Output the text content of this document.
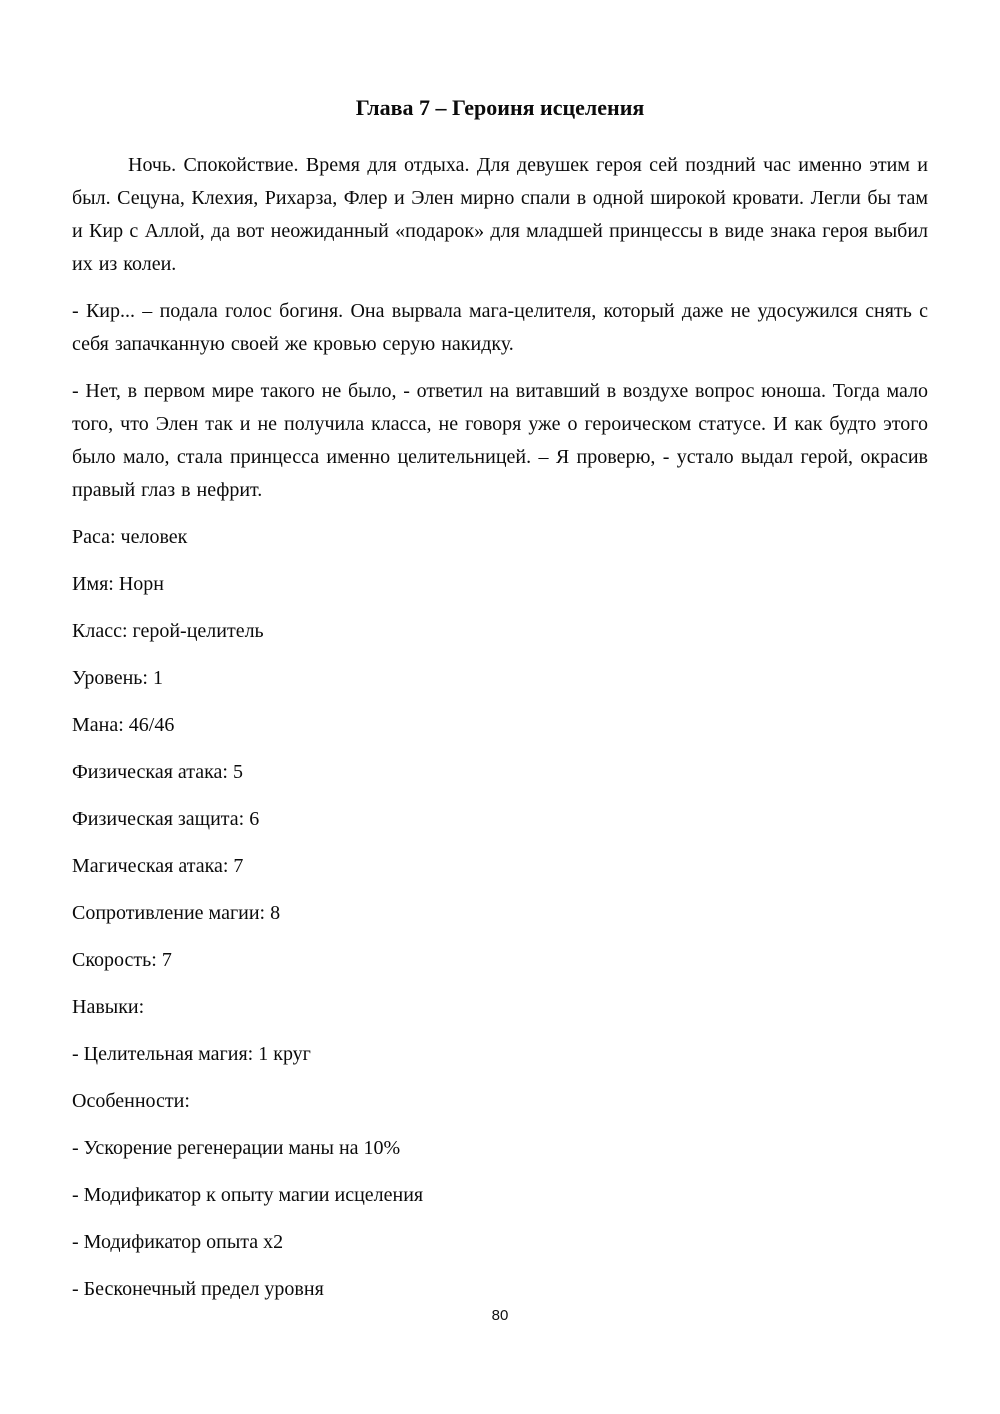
Глава 7 – Героиня исцеления

Ночь. Спокойствие. Время для отдыха. Для девушек героя сей поздний час именно этим и был. Сецуна, Клехия, Рихарза, Флер и Элен мирно спали в одной широкой кровати. Легли бы там и Кир с Аллой, да вот неожиданный «подарок» для младшей принцессы в виде знака героя выбил их из колеи.

- Кир... – подала голос богиня. Она вырвала мага-целителя, который даже не удосужился снять с себя запачканную своей же кровью серую накидку.

- Нет, в первом мире такого не было, - ответил на витавший в воздухе вопрос юноша. Тогда мало того, что Элен так и не получила класса, не говоря уже о героическом статусе. И как будто этого было мало, стала принцесса именно целительницей. – Я проверю, - устало выдал герой, окрасив правый глаз в нефрит.

Раса: человек

Имя: Норн

Класс: герой-целитель

Уровень: 1

Мана: 46/46

Физическая атака: 5

Физическая защита: 6

Магическая атака: 7

Сопротивление магии: 8

Скорость: 7

Навыки:

- Целительная магия: 1 круг

Особенности:

- Ускорение регенерации маны на 10%

- Модификатор к опыту магии исцеления

- Модификатор опыта x2

- Бесконечный предел уровня

80
